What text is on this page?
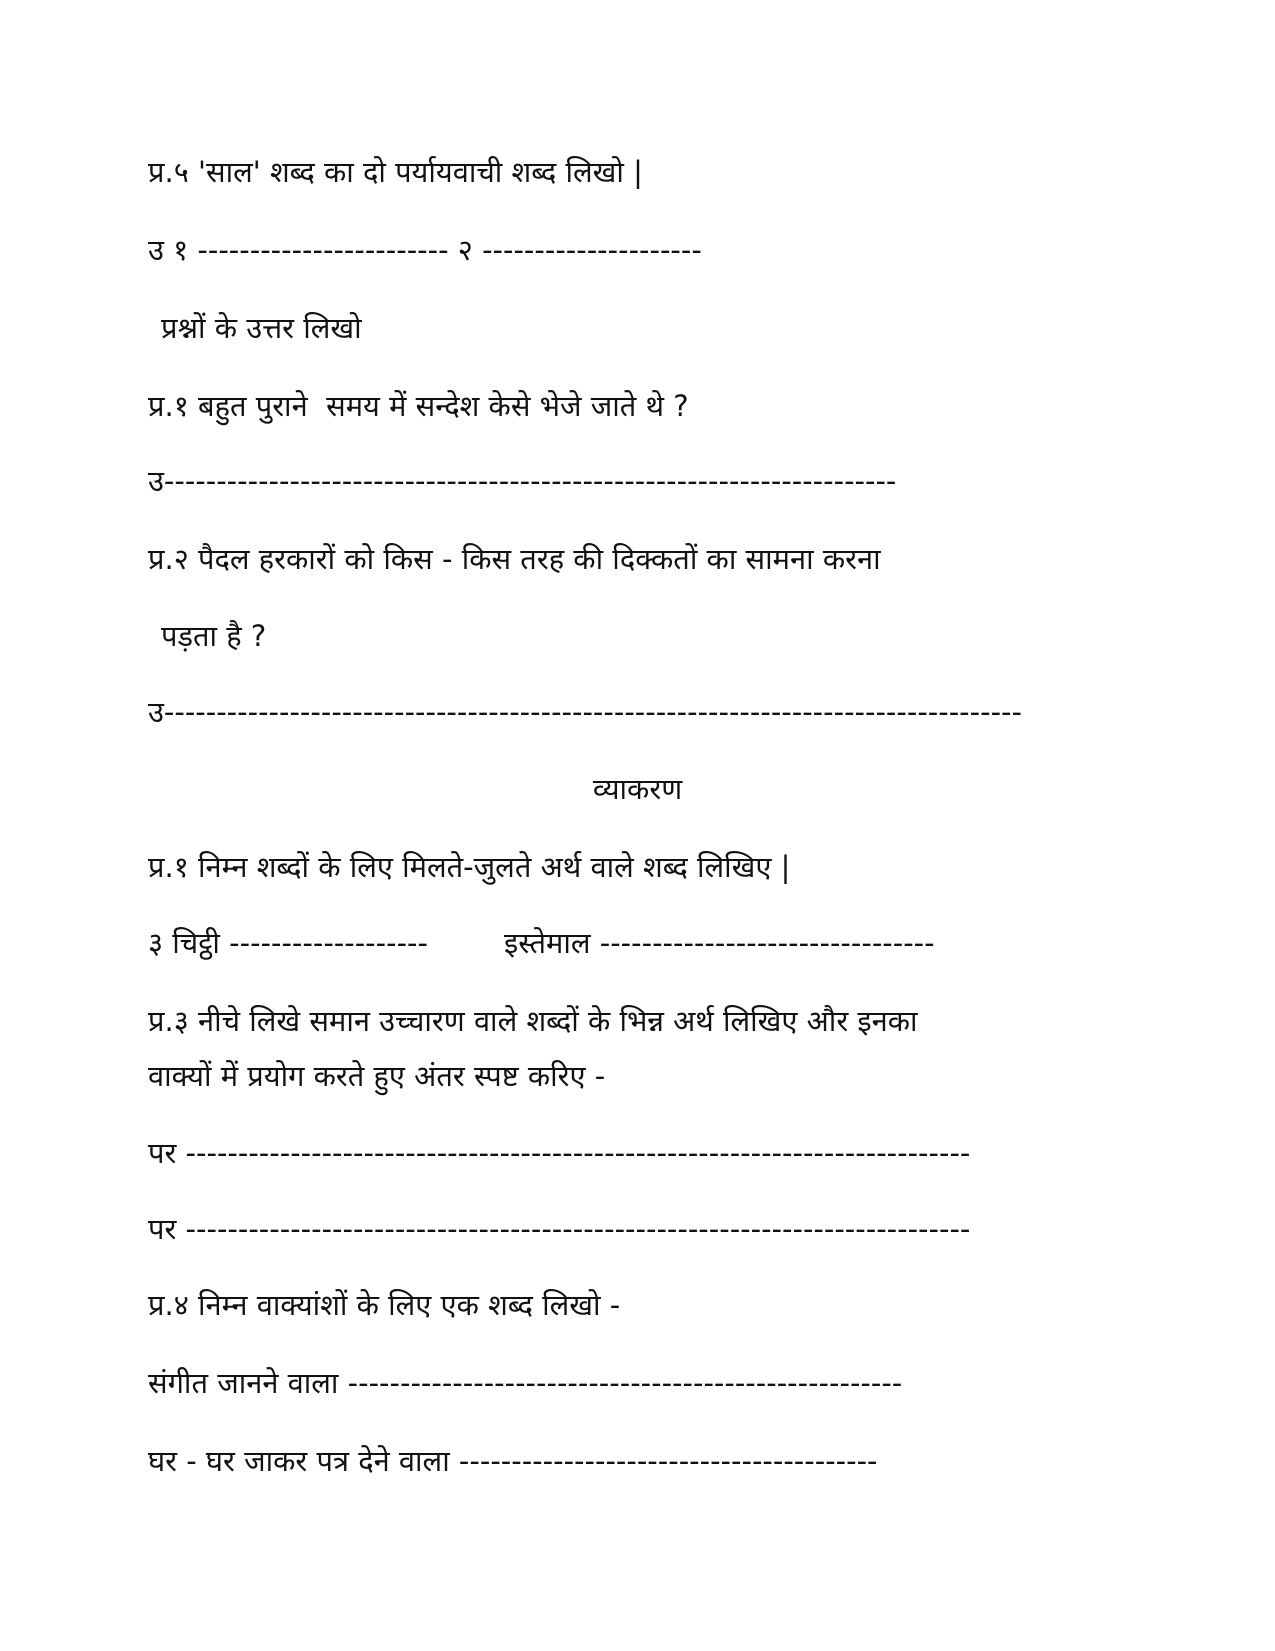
प्र.५ 'साल' शब्द का दो पर्यायवाची शब्द लिखो |
उ १ ------------------------ २ ---------------------
प्रश्नों के उत्तर लिखो
प्र.१ बहुत पुराने  समय में सन्देश केसे भेजे जाते थे ?
उ----------------------------------------------------------------------
प्र.२ पैदल हरकारों को किस - किस तरह की दिक्कतों का सामना करना
पड़ता है ?
उ----------------------------------------------------------------------------------
व्याकरण
प्र.१ निम्न शब्दों के लिए मिलते-जुलते अर्थ वाले शब्द लिखिए |
३ चिट्ठी -------------------	इस्तेमाल --------------------------------
प्र.३ नीचे लिखे समान उच्चारण वाले शब्दों के भिन्न अर्थ लिखिए और इनका
वाक्यों में प्रयोग करते हुए अंतर स्पष्ट करिए -
पर ---------------------------------------------------------------------------
पर ---------------------------------------------------------------------------
प्र.४ निम्न वाक्यांशों के लिए एक शब्द लिखो -
संगीत जानने वाला -----------------------------------------------------
घर - घर जाकर पत्र देने वाला ----------------------------------------
